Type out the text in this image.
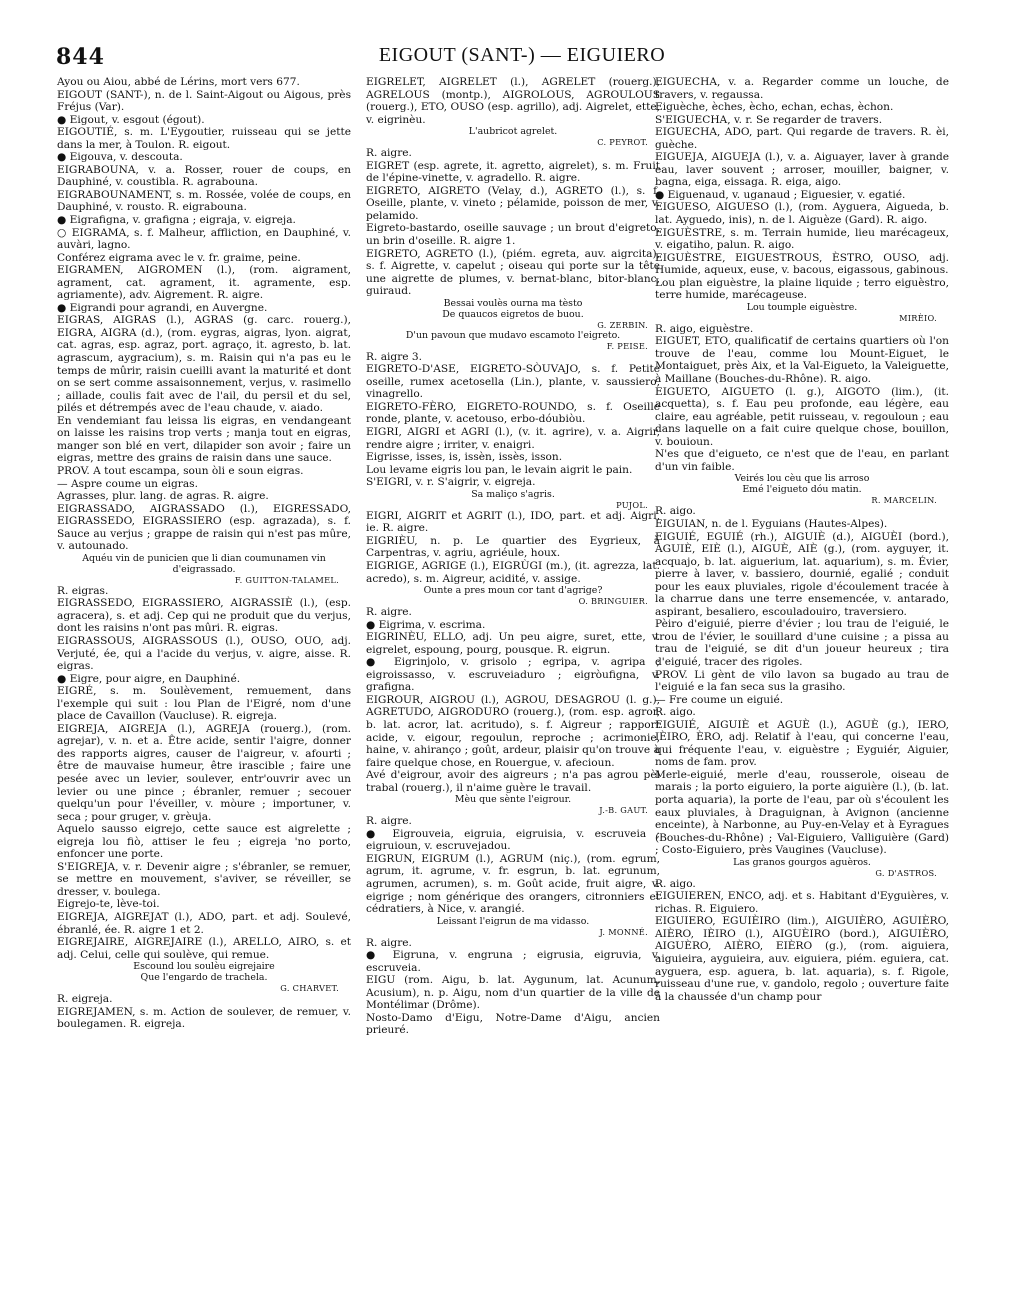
844	EIGOUT (SANT-) — EIGUIERO

Ayou ou Aiou, abbé de Lérins, mort vers 677.

EIGOUT (SANT-), n. de l. Saint-Aigout ou Aigous, près Fréjus (Var).

● Eigout, v. esgout (égout).

EIGOUTIÉ, s. m. L'Eygoutier, ruisseau qui se jette dans la mer, à Toulon. R. eigout.

● Eigouva, v. descouta.

EIGRABOUNA, v. a. Rosser, rouer de coups, en Dauphiné, v. coustibla. R. agrabouna.

EIGRABOUNAMENT, s. m. Rossée, volée de coups, en Dauphiné, v. rousto. R. eigrabouna.

● Eigrafigna, v. grafigna ; eigraja, v. eigreja.

○ EIGRAMA, s. f. Malheur, affliction, en Dauphiné, v. auvàri, lagno.

Conférez eigrama avec le v. fr. graime, peine.

EIGRAMEN, AIGROMEN (l.), (rom. aigrament, agrament, cat. agrament, it. agramente, esp. agriamente), adv. Aigrement. R. aigre.

● Eigrandi pour agrandi, en Auvergne.

EIGRAS, AIGRAS (l.), AGRAS (g. carc. rouerg.), EIGRA, AIGRA (d.), (rom. eygras, aigras, lyon. aigrat, cat. agras, esp. agraz, port. agraço, it. agresto, b. lat. agrascum, aygracium), s. m. Raisin qui n'a pas eu le temps de mûrir, raisin cueilli avant la maturité et dont on se sert comme assaisonnement, verjus, v. rasimello ; aillade, coulis fait avec de l'ail, du persil et du sel, pilés et détrempés avec de l'eau chaude, v. aiado.

En vendemiant fau leissa lis eigras, en vendangeant on laisse les raisins trop verts ; manja tout en eigras, manger son blé en vert, dilapider son avoir ; faire un eigras, mettre des grains de raisin dans une sauce.

PROV. A tout escampa, soun òli e soun eigras.

— Aspre coume un eigras.

Agrasses, plur. lang. de agras. R. aigre.

EIGRASSADO, AIGRASSADO (l.), EIGRESSADO, EIGRASSEDO, EIGRASSIERO (esp. agrazada), s. f. Sauce au verjus ; grappe de raisin qui n'est pas mûre, v. autounado.

Aquéu vin de punicien que li dian coumunamen vin d'eigrassado.

F. GUITTON-TALAMEL.

R. eigras.

EIGRASSEDO, EIGRASSIERO, AIGRASSIÈ (l.), (esp. agracera), s. et adj. Cep qui ne produit que du verjus, dont les raisins n'ont pas mûri. R. eigras.

EIGRASSOUS, AIGRASSOUS (l.), OUSO, OUO, adj. Verjuté, ée, qui a l'acide du verjus, v. aigre, aisse. R. eigras.

● Eigre, pour aigre, en Dauphiné.

EIGRÉ, s. m. Soulèvement, remuement, dans l'exemple qui suit : lou Plan de l'Eigré, nom d'une place de Cavaillon (Vaucluse). R. eigreja.

EIGREJA, AIGREJA (l.), AGREJA (rouerg.), (rom. agrejar), v. n. et a. Être acide, sentir l'aigre, donner des rapports aigres, causer de l'aigreur, v. afourti ; être de mauvaise humeur, être irascible ; faire une pesée avec un levier, soulever, entr'ouvrir avec un levier ou une pince ; ébranler, remuer ; secouer quelqu'un pour l'éveiller, v. mòure ; importuner, v. seca ; pour gruger, v. grèuja.

Aquelo sausso eigrejo, cette sauce est aigrelette ; eigreja lou fiò, attiser le feu ; eigreja 'no porto, enfoncer une porte.

S'EIGREJA, v. r. Devenir aigre ; s'ébranler, se remuer, se mettre en mouvement, s'aviver, se réveiller, se dresser, v. boulega.

Eigrejo-te, lève-toi.

EIGREJA, AIGREJAT (l.), ADO, part. et adj. Soulevé, ébranlé, ée. R. aigre 1 et 2.

EIGREJAIRE, AIGREJAIRE (l.), ARELLO, AIRO, s. et adj. Celui, celle qui soulève, qui remue.

Escound lou soulèu eigrejaire

Que l'engardo de trachela.

G. CHARVET.

R. eigreja.

EIGREJAMEN, s. m. Action de soulever, de remuer, v. boulegamen. R. eigreja.

EIGRELET, AIGRELET (l.), AGRELET (rouerg.), AGRELOUS (montp.), AIGROLOUS, AGROULOUS (rouerg.), ETO, OUSO (esp. agrillo), adj. Aigrelet, ette, v. eigrinèu.

L'aubricot agrelet.

C. PEYROT.

R. aigre.

EIGRET (esp. agrete, it. agretto, aigrelet), s. m. Fruit de l'épine-vinette, v. agradello. R. aigre.

EIGRETO, AIGRETO (Velay, d.), AGRETO (l.), s. f. Oseille, plante, v. vineto ; pélamide, poisson de mer, v. pelamido.

Eigreto-bastardo, oseille sauvage ; un brout d'eigreto, un brin d'oseille. R. aigre 1.

EIGRETO, AGRETO (l.), (piém. egreta, auv. aigrcita), s. f. Aigrette, v. capelut ; oiseau qui porte sur la tête une aigrette de plumes, v. bernat-blanc, bitor-blanc, guiraud.

Bessai voulès ourna ma tèsto

De quaucos eigretos de buou.

G. ZERBIN.

D'un pavoun que mudavo escamoto l'eigreto.

F. PEISE.

R. aigre 3.

EIGRETO-D'ASE, EIGRETO-SÒUVAJO, s. f. Petite oseille, rumex acetosella (Lin.), plante, v. saussiero, vinagrello.

EIGRETO-FÈRO, EIGRETO-ROUNDO, s. f. Oseille ronde, plante, v. acetouso, erbo-dóubiòu.

EIGRI, AIGRI et AGRI (l.), (v. it. agrire), v. a. Aigrir, rendre aigre ; irriter, v. enaigri.

Eigrisse, isses, is, issèn, issès, isson.

Lou levame eigris lou pan, le levain aigrit le pain.

S'EIGRI, v. r. S'aigrir, v. eigreja.

Sa maliço s'agris.

PUJOL.

EIGRI, AIGRIT et AGRIT (l.), IDO, part. et adj. Aigri, ie. R. aigre.

EIGRIÈU, n. p. Le quartier des Eygrieux, à Carpentras, v. agriu, agriéule, houx.

EIGRIGE, AGRIGE (l.), EIGRÙGI (m.), (it. agrezza, lat. acredo), s. m. Aigreur, acidité, v. assige.

Ounte a pres moun cor tant d'agrige?

O. BRINGUIER.

R. aigre.

● Eigrima, v. escrima.

EIGRINÈU, ELLO, adj. Un peu aigre, suret, ette, v. eigrelet, espoung, pourg, pousque. R. eigrun.

● Eigrinjolo, v. grisolo ; egripa, v. agripa ; eigroissasso, v. escruveiaduro ; eigròufigna, v. grafigna.

EIGROUR, AIGROU (l.), AGROU, DESAGROU (l. g.), AGRETUDO, AIGRODURO (rouerg.), (rom. esp. agror, b. lat. acror, lat. acritudo), s. f. Aigreur ; rapport acide, v. eigour, regoulun, reproche ; acrimonie, haine, v. ahiranço ; goût, ardeur, plaisir qu'on trouve à faire quelque chose, en Rouergue, v. afecioun.

Avé d'eigrour, avoir des aigreurs ; n'a pas agrou pèl trabal (rouerg.), il n'aime guère le travail.

Mèu que sènte l'eigrour.

J.-B. GAUT.

R. aigre.

● Eigrouveia, eigruia, eigruisia, v. escruveia ; eigruioun, v. escruvejadou.

EIGRUN, EIGRUM (l.), AGRUM (niç.), (rom. egrum, agrum, it. agrume, v. fr. esgrun, b. lat. egrunum, agrumen, acrumen), s. m. Goût acide, fruit aigre, v. eigrige ; nom générique des orangers, citronniers et cédratiers, à Nice, v. arangié.

Leissant l'eigrun de ma vidasso.

J. MONNÉ.

R. aigre.

● Eigruna, v. engruna ; eigrusia, eigruvia, v. escruveia.

EIGU (rom. Aigu, b. lat. Aygunum, lat. Acunum, Acusium), n. p. Aigu, nom d'un quartier de la ville de Montélimar (Drôme).

Nosto-Damo d'Eigu, Notre-Dame d'Aigu, ancien prieuré.

EIGUECHA, v. a. Regarder comme un louche, de travers, v. regaussa.

Eiguèche, èches, ècho, echan, echas, èchon.

S'EIGUECHA, v. r. Se regarder de travers.

EIGUECHA, ADO, part. Qui regarde de travers. R. èi, guèche.

EIGUEJA, AIGUEJA (l.), v. a. Aiguayer, laver à grande eau, laver souvent ; arroser, mouiller, baigner, v. bagna, eiga, eissaga. R. eiga, aigo.

● Eiguenaud, v. uganaud ; Eiguesier, v. egatié.

EIGUESO, AIGUESO (l.), (rom. Ayguera, Aigueda, b. lat. Ayguedo, inis), n. de l. Aiguèze (Gard). R. aigo.

EIGUÈSTRE, s. m. Terrain humide, lieu marécageux, v. eigatiho, palun. R. aigo.

EIGUÈSTRE, EIGUESTROUS, ÈSTRO, OUSO, adj. Humide, aqueux, euse, v. bacous, eigassous, gabinous.

Lou plan eiguèstre, la plaine liquide ; terro eiguèstro, terre humide, marécageuse.

Lou toumple eiguèstre.

MIRÈIO.

R. aigo, eiguèstre.

EIGUET, ETO, qualificatif de certains quartiers où l'on trouve de l'eau, comme lou Mount-Eiguet, le Montaiguet, près Aix, et la Val-Eigueto, la Valeiguette, à Maillane (Bouches-du-Rhône). R. aigo.

EIGUETO, AIGUETO (l. g.), AIGOTO (lim.), (it. acquetta), s. f. Eau peu profonde, eau légère, eau claire, eau agréable, petit ruisseau, v. regouloun ; eau dans laquelle on a fait cuire quelque chose, bouillon, v. bouioun.

N'es que d'eigueto, ce n'est que de l'eau, en parlant d'un vin faible.

Veirés lou cèu que lis arroso

Emé l'eigueto dóu matin.

R. MARCELIN.

R. aigo.

EIGUIAN, n. de l. Eyguians (Hautes-Alpes).

EIGUIÉ, EGUIÉ (rh.), AIGUIÈ (d.), AIGUÈI (bord.), AGUIÈ, EIÈ (l.), AIGUÈ, AIÈ (g.), (rom. ayguyer, it. acquajo, b. lat. aiguerium, lat. aquarium), s. m. Évier, pierre à laver, v. bassiero, dournié, egalié ; conduit pour les eaux pluviales, rigole d'écoulement tracée à la charrue dans une terre ensemencée, v. antarado, aspirant, besaliero, escouladouiro, traversiero.

Pèiro d'eiguié, pierre d'évier ; lou trau de l'eiguié, le trou de l'évier, le souillard d'une cuisine ; a pissa au trau de l'eiguié, se dit d'un joueur heureux ; tira d'eiguié, tracer des rigoles.

PROV. Li gènt de vilo lavon sa bugado au trau de l'eiguié e la fan seca sus la grasiho.

— Fre coume un eiguié.

R. aigo.

EIGUIÉ, AIGUIÈ et AGUÈ (l.), AGUÈ (g.), IERO, IÈIRO, ÈRO, adj. Relatif à l'eau, qui concerne l'eau, qui fréquente l'eau, v. eiguèstre ; Eyguiér, Aiguier, noms de fam. prov.

Merle-eiguié, merle d'eau, rousserole, oiseau de marais ; la porto eiguiero, la porte aiguière (l.), (b. lat. porta aquaria), la porte de l'eau, par où s'écoulent les eaux pluviales, à Draguignan, à Avignon (ancienne enceinte), à Narbonne, au Puy-en-Velay et à Eyragues (Bouches-du-Rhône) ; Val-Eiguiero, Valliguière (Gard) ; Costo-Eiguiero, près Vaugines (Vaucluse).

Las granos gourgos aguèros.

G. D'ASTROS.

R. aigo.

EIGUIEREN, ENCO, adj. et s. Habitant d'Eyguières, v. richas. R. Eiguiero.

EIGUIERO, EGUIÈIRO (lim.), AIGUIÈRO, AGUIÈRO, AIÈRO, IÈIRO (l.), AIGUÈIRO (bord.), AIGUIÈRO, AIGUÈRO, AIÈRO, EIÈRO (g.), (rom. aiguiera, aiguieira, ayguieira, auv. eiguiera, piém. eguiera, cat. ayguera, esp. aguera, b. lat. aquaria), s. f. Rigole, ruisseau d'une rue, v. gandolo, regolo ; ouverture faite à la chaussée d'un champ pour
